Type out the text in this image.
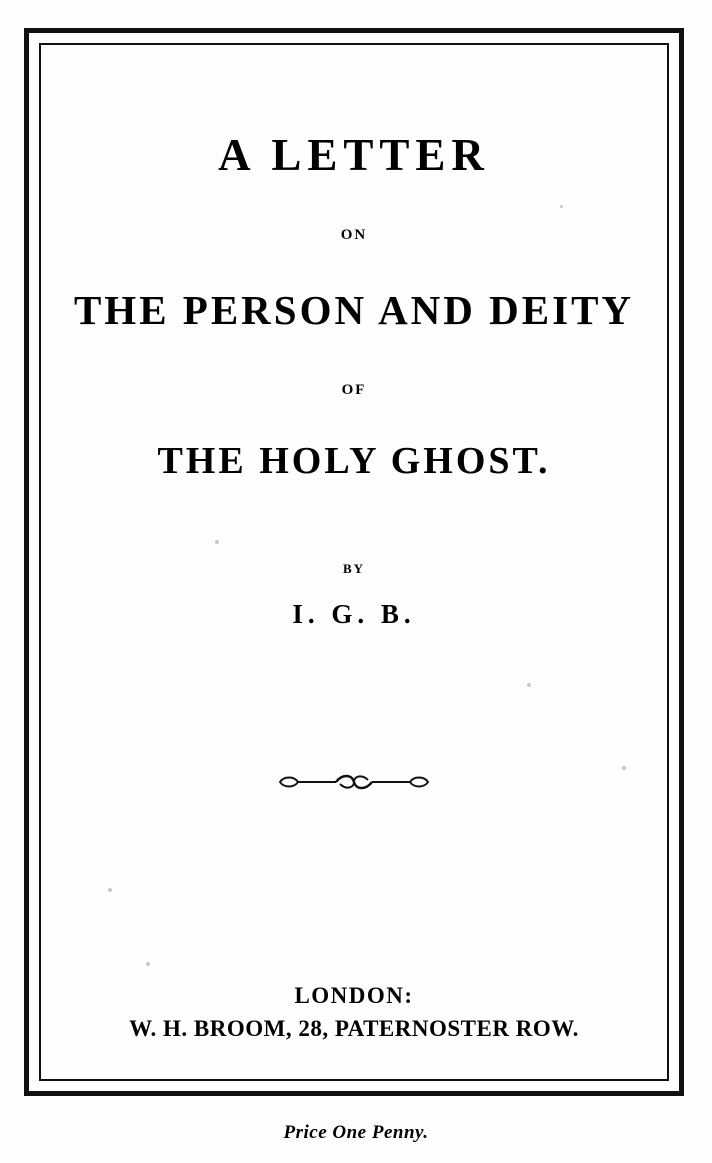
A LETTER
ON
THE PERSON AND DEITY
OF
THE HOLY GHOST.
BY
I. G. B.
LONDON:
W. H. BROOM, 28, PATERNOSTER ROW.
Price One Penny.
